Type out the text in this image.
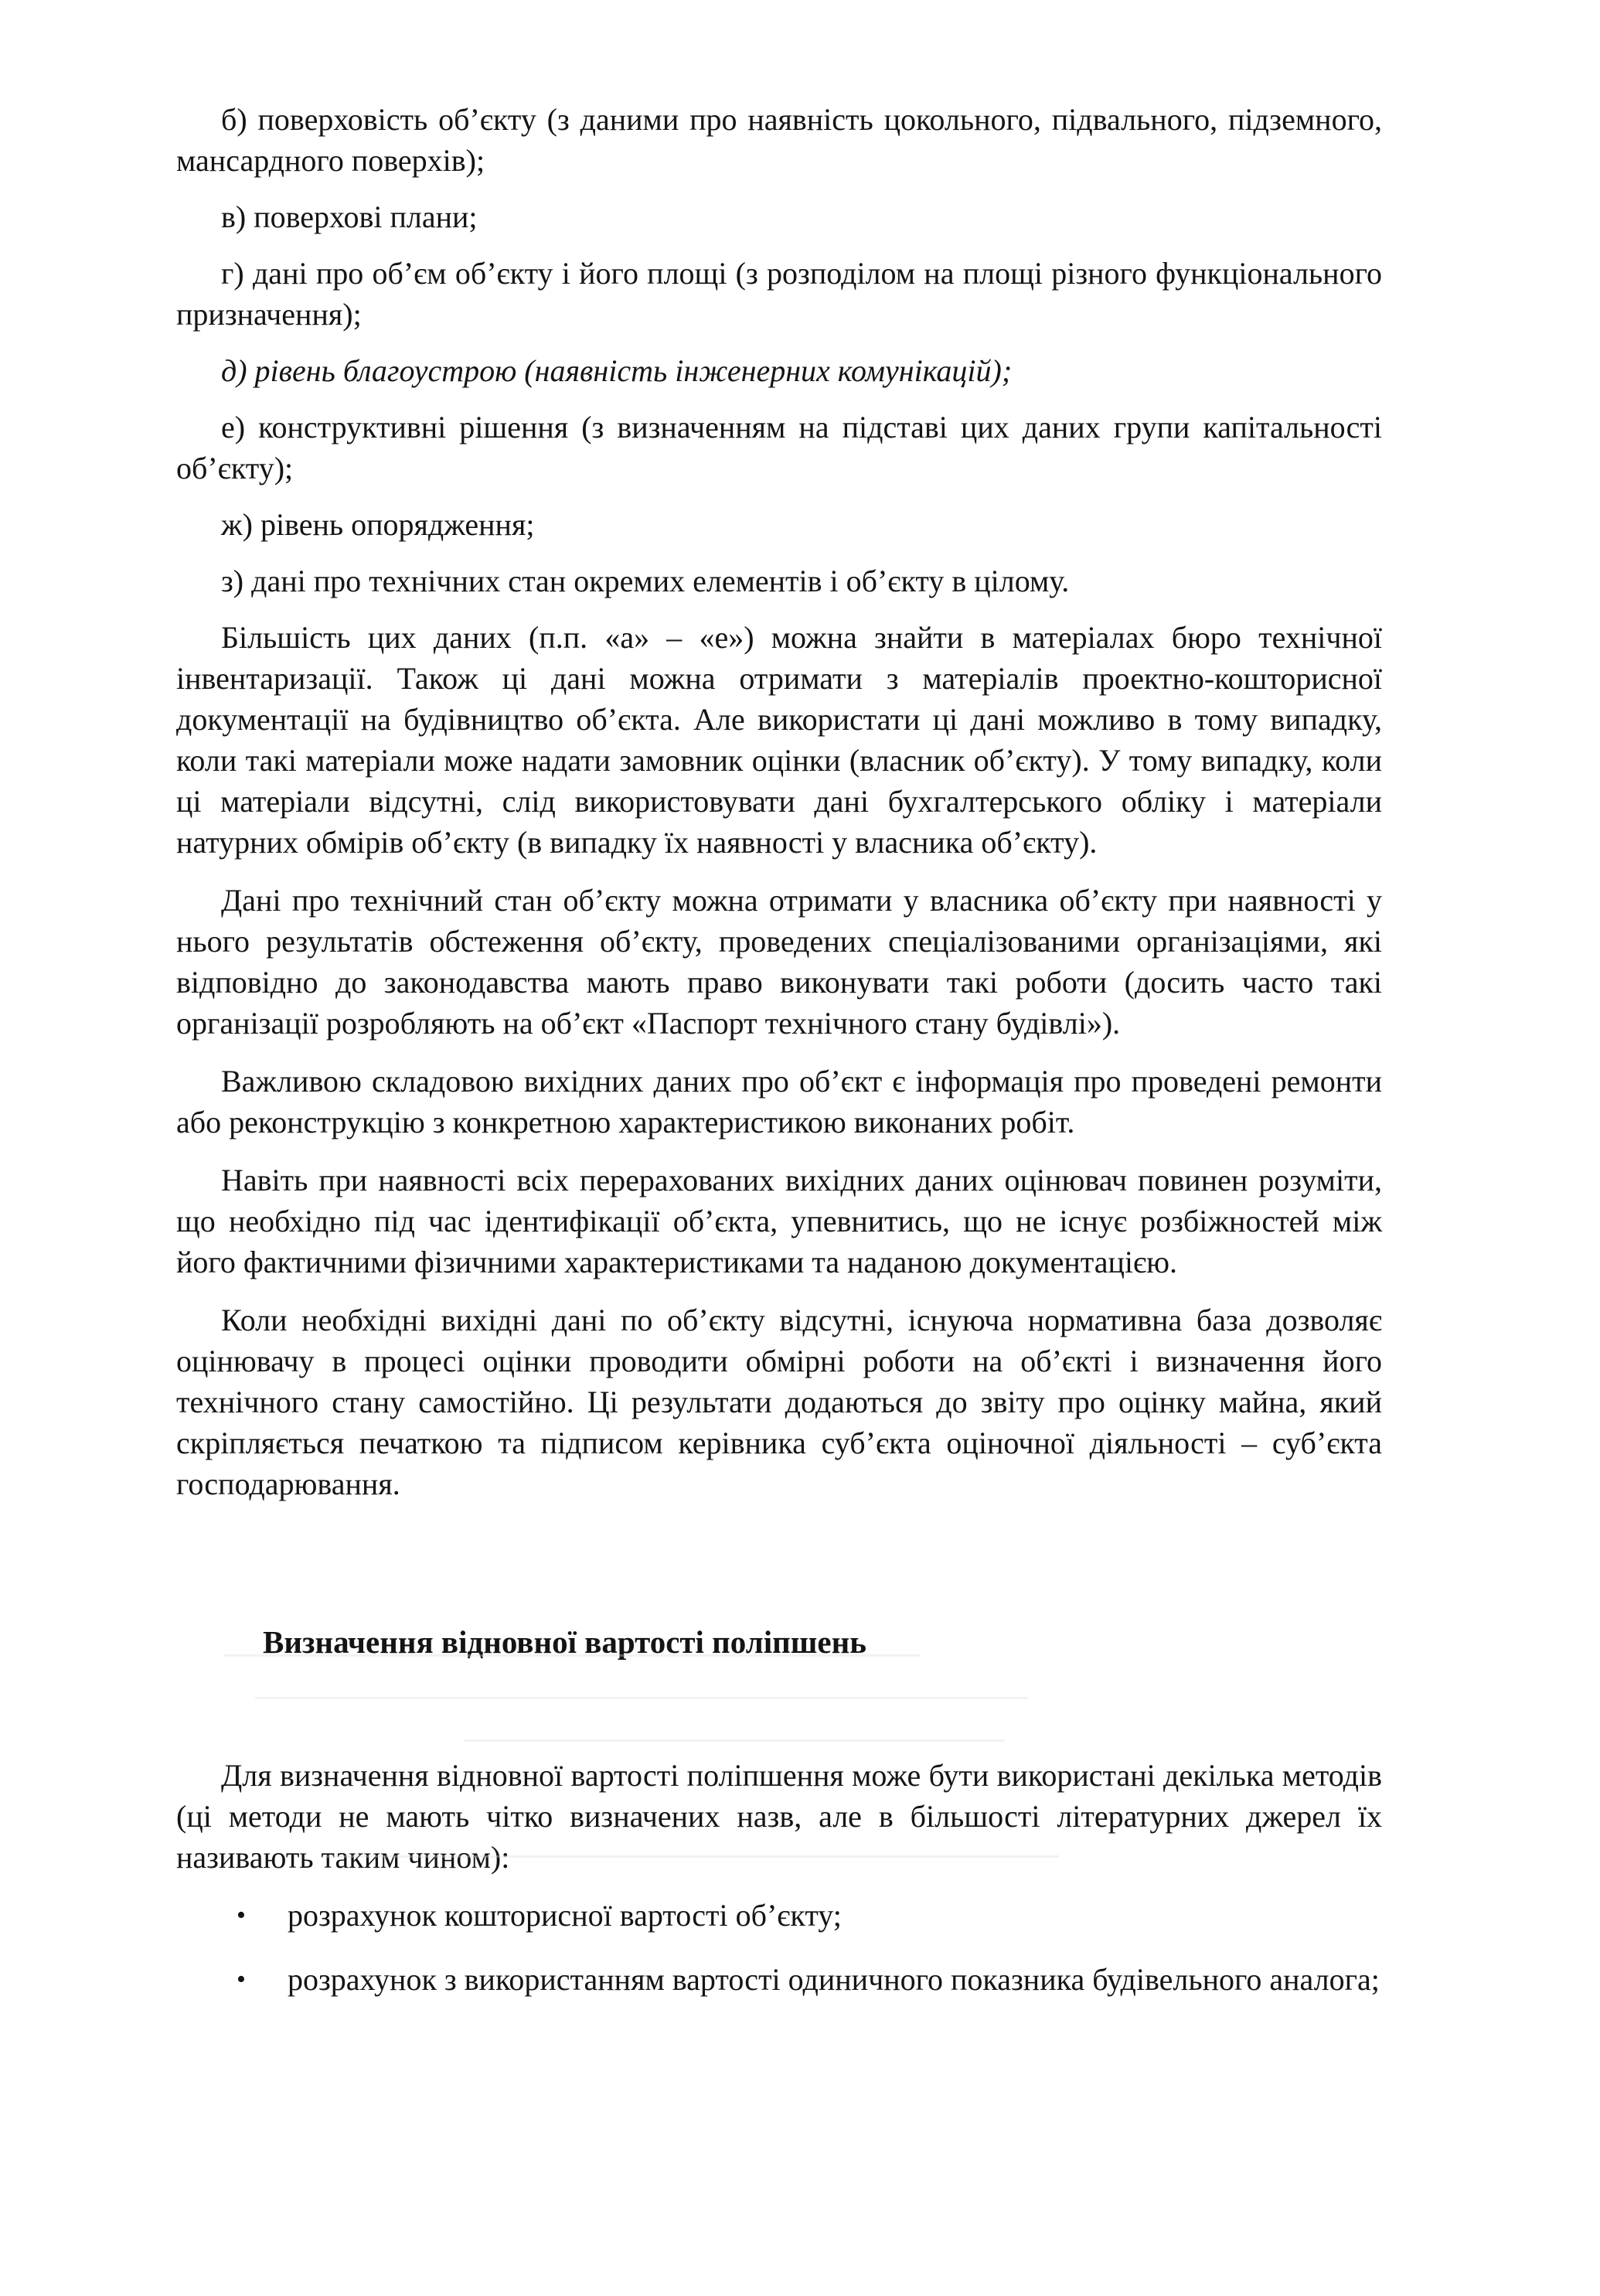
б) поверховість об’єкту (з даними про наявність цокольного, підвального, підземного, мансардного поверхів);

в) поверхові плани;

г) дані про об’єм об’єкту і його площі (з розподілом на площі різного функціонального призначення);

д) рівень благоустрою (наявність інженерних комунікацій);

е) конструктивні рішення (з визначенням на підставі цих даних групи капітальності об’єкту);

ж) рівень опорядження;

з) дані про технічних стан окремих елементів і об’єкту в цілому.

Більшість цих даних (п.п. «а» – «е») можна знайти в матеріалах бюро технічної інвентаризації. Також ці дані можна отримати з матеріалів проектно-кошторисної документації на будівництво об’єкта. Але використати ці дані можливо в тому випадку, коли такі матеріали може надати замовник оцінки (власник об’єкту). У тому випадку, коли ці матеріали відсутні, слід використовувати дані бухгалтерського обліку і матеріали натурних обмірів об’єкту (в випадку їх наявності у власника об’єкту).

Дані про технічний стан об’єкту можна отримати у власника об’єкту при наявності у нього результатів обстеження об’єкту, проведених спеціалізованими організаціями, які відповідно до законодавства мають право виконувати такі роботи (досить часто такі організації розробляють на об’єкт «Паспорт технічного стану будівлі»).

Важливою складовою вихідних даних про об’єкт є інформація про проведені ремонти або реконструкцію з конкретною характеристикою виконаних робіт.

Навіть при наявності всіх перерахованих вихідних даних оцінювач повинен розуміти, що необхідно під час ідентифікації об’єкта, упевнитись, що не існує розбіжностей між його фактичними фізичними характеристиками та наданою документацією.

Коли необхідні вихідні дані по об’єкту відсутні, існуюча нормативна база дозволяє оцінювачу в процесі оцінки проводити обмірні роботи на об’єкті і визначення його технічного стану самостійно. Ці результати додаються до звіту про оцінку майна, який скріпляється печаткою та підписом керівника суб’єкта оціночної діяльності – суб’єкта господарювання.

Визначення відновної вартості поліпшень

Для визначення відновної вартості поліпшення може бути використані декілька методів (ці методи не мають чітко визначених назв, але в більшості літературних джерел їх називають таким чином):

• розрахунок кошторисної вартості об’єкту;
• розрахунок з використанням вартості одиничного показника будівельного аналога;
